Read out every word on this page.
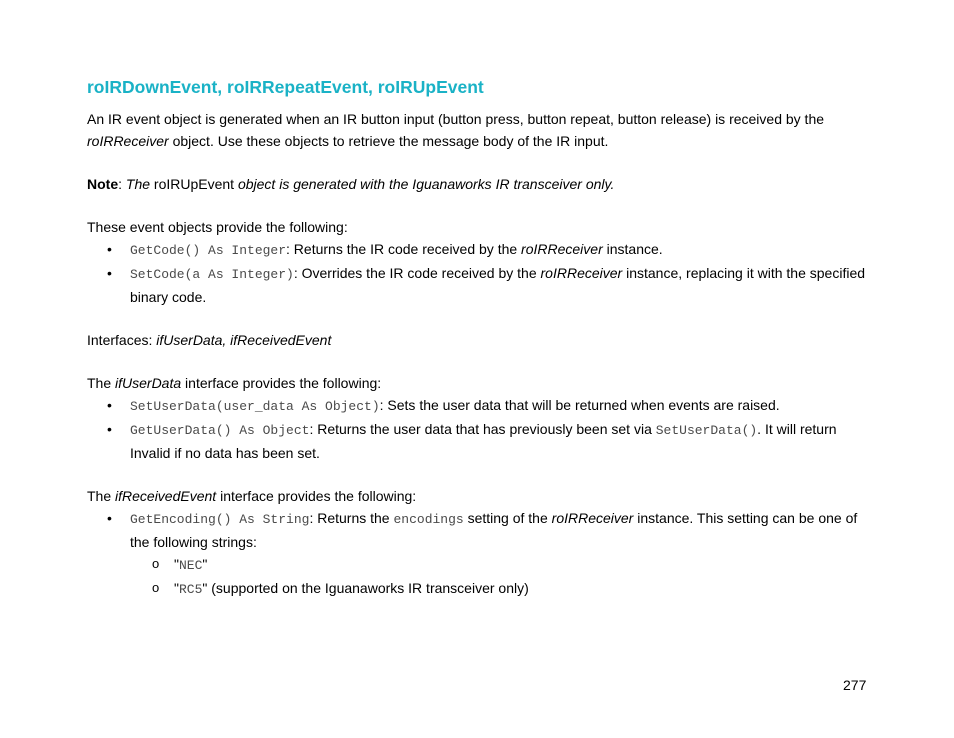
roIRDownEvent, roIRRepeatEvent, roIRUpEvent

An IR event object is generated when an IR button input (button press, button repeat, button release) is received by the roIRReceiver object. Use these objects to retrieve the message body of the IR input.

Note: The roIRUpEvent object is generated with the Iguanaworks IR transceiver only.

These event objects provide the following:

• GetCode() As Integer: Returns the IR code received by the roIRReceiver instance.
• SetCode(a As Integer): Overrides the IR code received by the roIRReceiver instance, replacing it with the specified binary code.

Interfaces: ifUserData, ifReceivedEvent

The ifUserData interface provides the following:

• SetUserData(user_data As Object): Sets the user data that will be returned when events are raised.
• GetUserData() As Object: Returns the user data that has previously been set via SetUserData(). It will return Invalid if no data has been set.

The ifReceivedEvent interface provides the following:

• GetEncoding() As String: Returns the encodings setting of the roIRReceiver instance. This setting can be one of the following strings:
o "NEC"
o "RC5" (supported on the Iguanaworks IR transceiver only)
277
